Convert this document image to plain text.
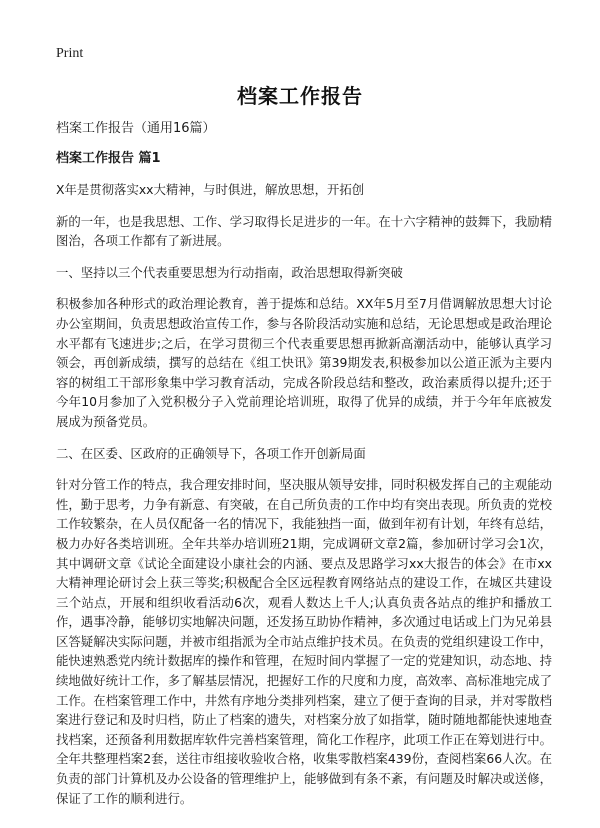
Print
档案工作报告
档案工作报告（通用16篇）
档案工作报告 篇1

X年是贯彻落实xx大精神，与时俱进，解放思想，开拓创

新的一年，也是我思想、工作、学习取得长足进步的一年。在十六字精神的鼓舞下，我励精图治，各项工作都有了新进展。

一、坚持以三个代表重要思想为行动指南，政治思想取得新突破

积极参加各种形式的政治理论教育，善于提炼和总结。XX年5月至7月借调解放思想大讨论办公室期间，负责思想政治宣传工作，参与各阶段活动实施和总结，无论思想或是政治理论水平都有飞速进步;之后，在学习贯彻三个代表重要思想再掀新高潮活动中，能够认真学习领会，再创新成绩，撰写的总结在《组工快讯》第39期发表,积极参加以公道正派为主要内容的树组工干部形象集中学习教育活动，完成各阶段总结和整改，政治素质得以提升;还于今年10月参加了入党积极分子入党前理论培训班，取得了优异的成绩，并于今年年底被发展成为预备党员。

二、在区委、区政府的正确领导下，各项工作开创新局面

针对分管工作的特点，我合理安排时间，坚决服从领导安排，同时积极发挥自己的主观能动性，勤于思考，力争有新意、有突破，在自己所负责的工作中均有突出表现。所负责的党校工作较繁杂，在人员仅配备一名的情况下，我能独挡一面，做到年初有计划，年终有总结，极力办好各类培训班。全年共举办培训班21期，完成调研文章2篇，参加研讨学习会1次，其中调研文章《试论全面建设小康社会的内涵、要点及思路学习xx大报告的体会》在市xx大精神理论研讨会上获三等奖;积极配合全区远程教育网络站点的建设工作，在城区共建设三个站点，开展和组织收看活动6次，观看人数达上千人;认真负责各站点的维护和播放工作，遇事冷静，能够切实地解决问题，还发扬互助协作精神，多次通过电话或上门为兄弟县区答疑解决实际问题，并被市组指派为全市站点维护技术员。在负责的党组织建设工作中，能快速熟悉党内统计数据库的操作和管理，在短时间内掌握了一定的党建知识，动态地、持续地做好统计工作，多了解基层情况，把握好工作的尺度和力度，高效率、高标准地完成了工作。在档案管理工作中，井然有序地分类排列档案，建立了便于查询的目录，并对零散档案进行登记和及时归档，防止了档案的遗失，对档案分放了如指掌，随时随地都能快速地查找档案，还预备利用数据库软件完善档案管理，简化工作程序，此项工作正在筹划进行中。全年共整理档案2套，送往市组接收验收合格，收集零散档案439份，查阅档案66人次。在负责的部门计算机及办公设备的管理维护上，能够做到有条不紊，有问题及时解决或送修，保证了工作的顺利进行。
